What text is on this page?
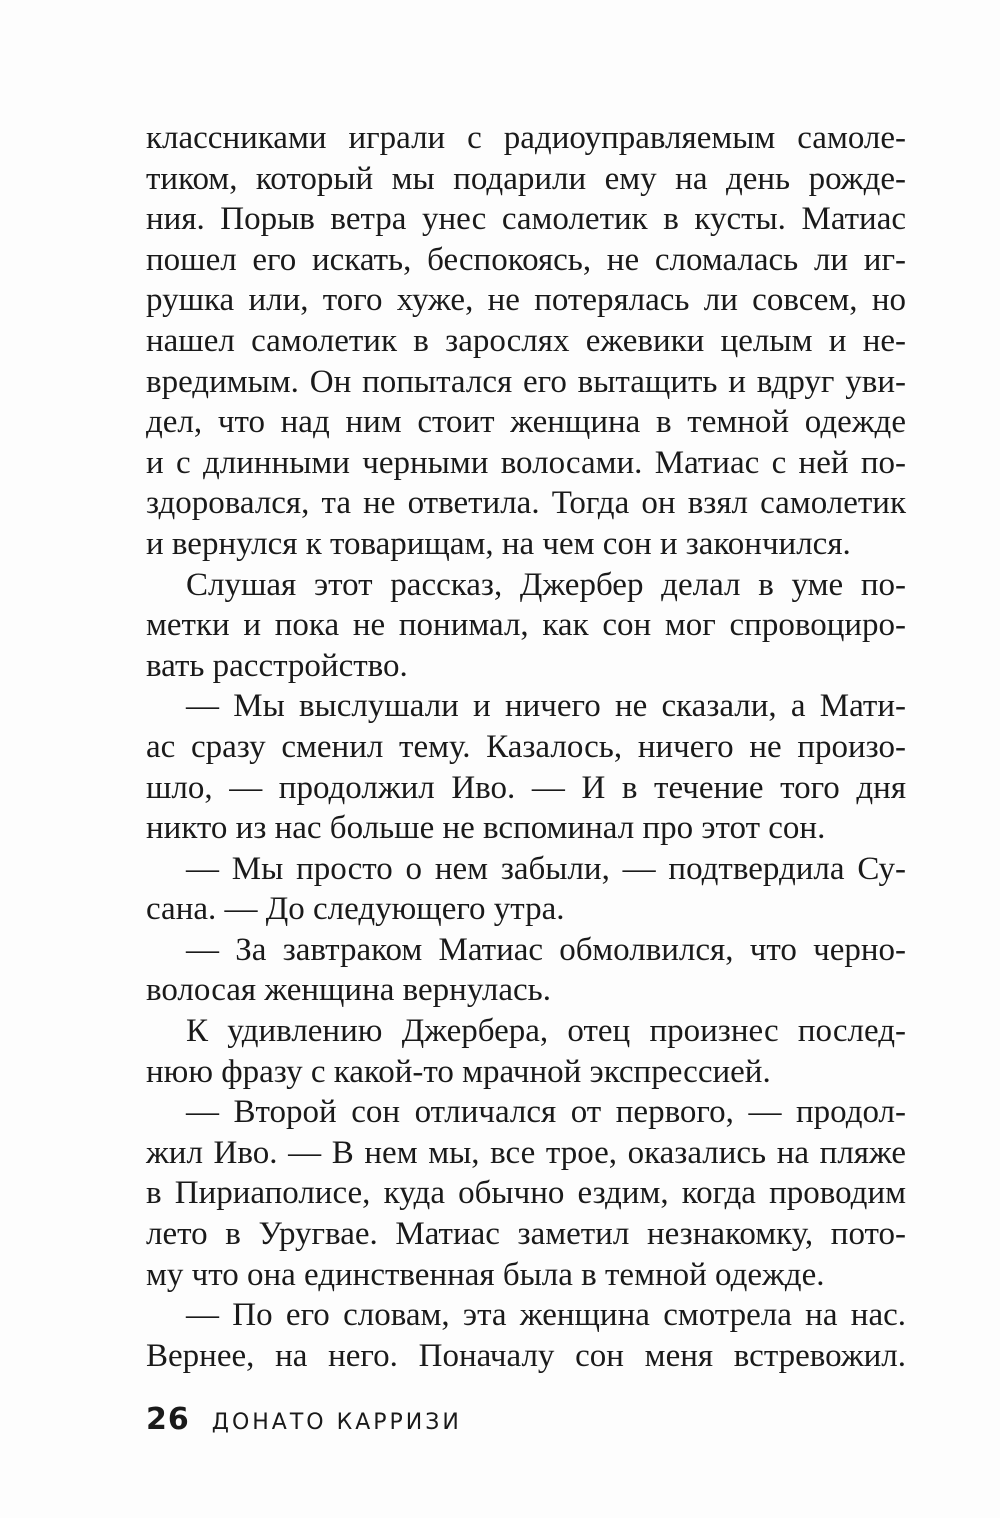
классниками играли с радиоуправляемым самоле-
тиком, который мы подарили ему на день рожде-
ния. Порыв ветра унес самолетик в кусты. Матиас
пошел его искать, беспокоясь, не сломалась ли иг-
рушка или, того хуже, не потерялась ли совсем, но
нашел самолетик в зарослях ежевики целым и не-
вредимым. Он попытался его вытащить и вдруг уви-
дел, что над ним стоит женщина в темной одежде
и с длинными черными волосами. Матиас с ней по-
здоровался, та не ответила. Тогда он взял самолетик
и вернулся к товарищам, на чем сон и закончился.
Слушая этот рассказ, Джербер делал в уме по-
метки и пока не понимал, как сон мог спровоциро-
вать расстройство.
— Мы выслушали и ничего не сказали, а Мати-
ас сразу сменил тему. Казалось, ничего не произо-
шло, — продолжил Иво. — И в течение того дня
никто из нас больше не вспоминал про этот сон.
— Мы просто о нем забыли, — подтвердила Су-
сана. — До следующего утра.
— За завтраком Матиас обмолвился, что черно-
волосая женщина вернулась.
К удивлению Джербера, отец произнес послед-
нюю фразу с какой-то мрачной экспрессией.
— Второй сон отличался от первого, — продол-
жил Иво. — В нем мы, все трое, оказались на пляже
в Пириаполисе, куда обычно ездим, когда проводим
лето в Уругвае. Матиас заметил незнакомку, пото-
му что она единственная была в темной одежде.
— По его словам, эта женщина смотрела на нас.
Вернее, на него. Поначалу сон меня встревожил.
26 ДОНАТО КАРРИЗИ
